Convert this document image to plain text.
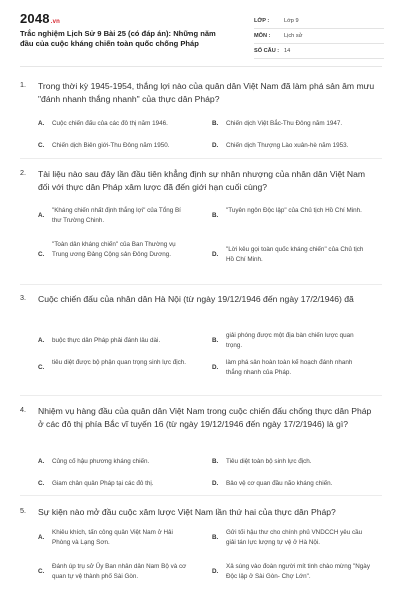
2048.vn
Trắc nghiệm Lịch Sử 9 Bài 25 (có đáp án): Những năm đầu của cuộc kháng chiến toàn quốc chống Pháp
LỚP :	Lớp 9
MÔN : Lịch sử
SỐ CÂU : 14
1. Trong thời kỳ 1945-1954, thắng lợi nào của quân dân Việt Nam đã làm phá sản âm mưu "đánh nhanh thắng nhanh" của thực dân Pháp?
A. Cuộc chiến đấu của các đô thị năm 1946.	B. Chiến dịch Việt Bắc-Thu Đông năm 1947.
C. Chiến dịch Biên giới-Thu Đông năm 1950.	D. Chiến dịch Thượng Lào xuân-hè năm 1953.
2. Tài liệu nào sau đây lần đầu tiên khẳng định sự nhân nhượng của nhân dân Việt Nam đối với thực dân Pháp xâm lược đã đến giới hạn cuối cùng?
A.
"Kháng chiến nhất định thắng lợi" của Tổng Bí thư Trường Chinh.
B.
"Tuyên ngôn Độc lập" của Chủ tịch Hồ Chí Minh.
C.
"Toàn dân kháng chiến" của Ban Thường vụ Trung ương Đảng Cộng sản Đông Dương.	D.
"Lời kêu gọi toàn quốc kháng chiến" của Chủ tịch Hồ Chí Minh.
3. Cuộc chiến đấu của nhân dân Hà Nội (từ ngày 19/12/1946 đến ngày 17/2/1946) đã
A. buộc thực dân Pháp phải đánh lâu dài.	B.
giải phóng được một địa bàn chiến lược quan trọng.
C.
tiêu diệt được bộ phận quan trọng sinh lực địch.
D.
làm phá sản hoàn toàn kế hoạch đánh nhanh thắng nhanh của Pháp.
4. Nhiệm vụ hàng đầu của quân dân Việt Nam trong cuộc chiến đấu chống thực dân Pháp ở các đô thị phía Bắc vĩ tuyến 16 (từ ngày 19/12/1946 đến ngày 17/2/1946) là gì?
A. Củng cố hậu phương kháng chiến.	B. Tiêu diệt toàn bộ sinh lực địch.
C. Giam chân quân Pháp tại các đô thị.	D. Bảo vệ cơ quan đầu não kháng chiến.
5. Sự kiện nào mở đầu cuộc xâm lược Việt Nam lần thứ hai của thực dân Pháp?
A.
Khiêu khích, tấn công quân Việt Nam ở Hải Phòng và Lạng Sơn.
B.
Gửi tối hậu thư cho chính phủ VNDCCH yêu cầu giải tán lực lượng tự vệ ở Hà Nội.
C.
Đánh úp trụ sở Ủy Ban nhân dân Nam Bộ và cơ quan tự vệ thành phố Sài Gòn.
D.
Xả súng vào đoàn người mít tinh chào mừng "Ngày Độc lập ở Sài Gòn- Chợ Lớn".
